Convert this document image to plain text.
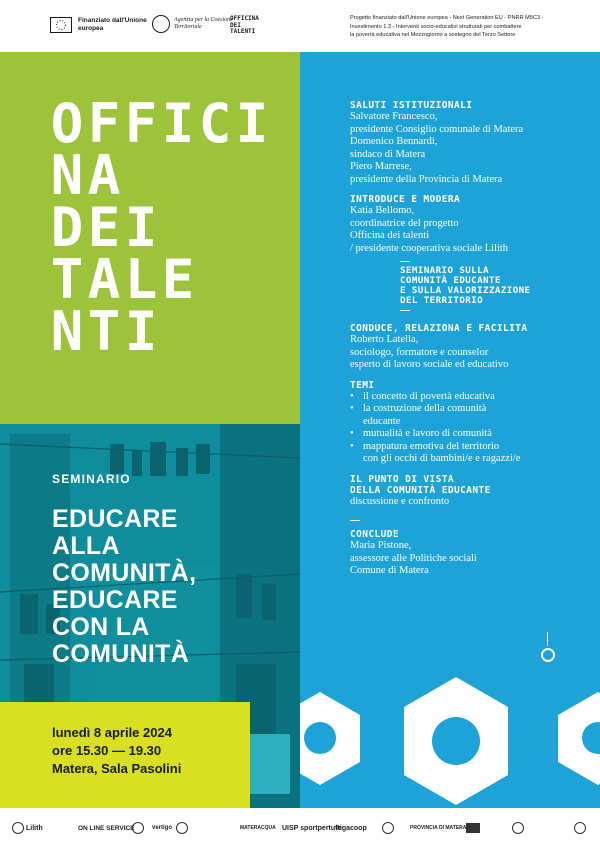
Finanziato dall'Unione europea
Agenzia per la Coesione Territoriale
OFFICINA
DEI
TALENTI
Progetto finanziato dall'Unione europea - Next Generation EU - PNRR M5C3 -
Investimento 1.3 - Interventi socio-educativi strutturati per combattere
la povertà educativa nel Mezzogiorno a sostegno del Terzo Settore
O F F I C I
N A
D E I
T A L E
N T I
SEMINARIO
EDUCARE
ALLA
COMUNITÀ,
EDUCARE
CON LA
COMUNITÀ
lunedì 8 aprile 2024
ore 15.30 — 19.30
Matera, Sala Pasolini
SALUTI ISTITUZIONALI
Salvatore Francesco,
presidente Consiglio comunale di Matera
Domenico Bennardi,
sindaco di Matera
Piero Marrese,
presidente della Provincia di Matera
INTRODUCE E MODERA
Katia Bellomo,
coordinatrice del progetto
Officina dei talenti
/ presidente cooperativa sociale Lilith
SEMINARIO SULLA
COMUNITÀ EDUCANTE
E SULLA VALORIZZAZIONE
DEL TERRITORIO
CONDUCE, RELAZIONA E FACILITA
Roberto Latella,
sociologo, formatore e counselor
esperto di lavoro sociale ed educativo
TEMI
• il concetto di povertà educativa
• la costruzione della comunità
educante
• mutualità e lavoro di comunità
• mappatura emotiva del territorio
con gli occhi di bambini/e e ragazzi/e
IL PUNTO DI VISTA
DELLA COMUNITÀ EDUCANTE
discussione e confronto
CONCLUDE
Maria Pistone,
assessore alle Politiche sociali
Comune di Matera
Lilith	ON LINE SERVICE	vertigo	MATERACQUA UISP sportpertutti
legacoop	PROVINCIA DI MATERA
